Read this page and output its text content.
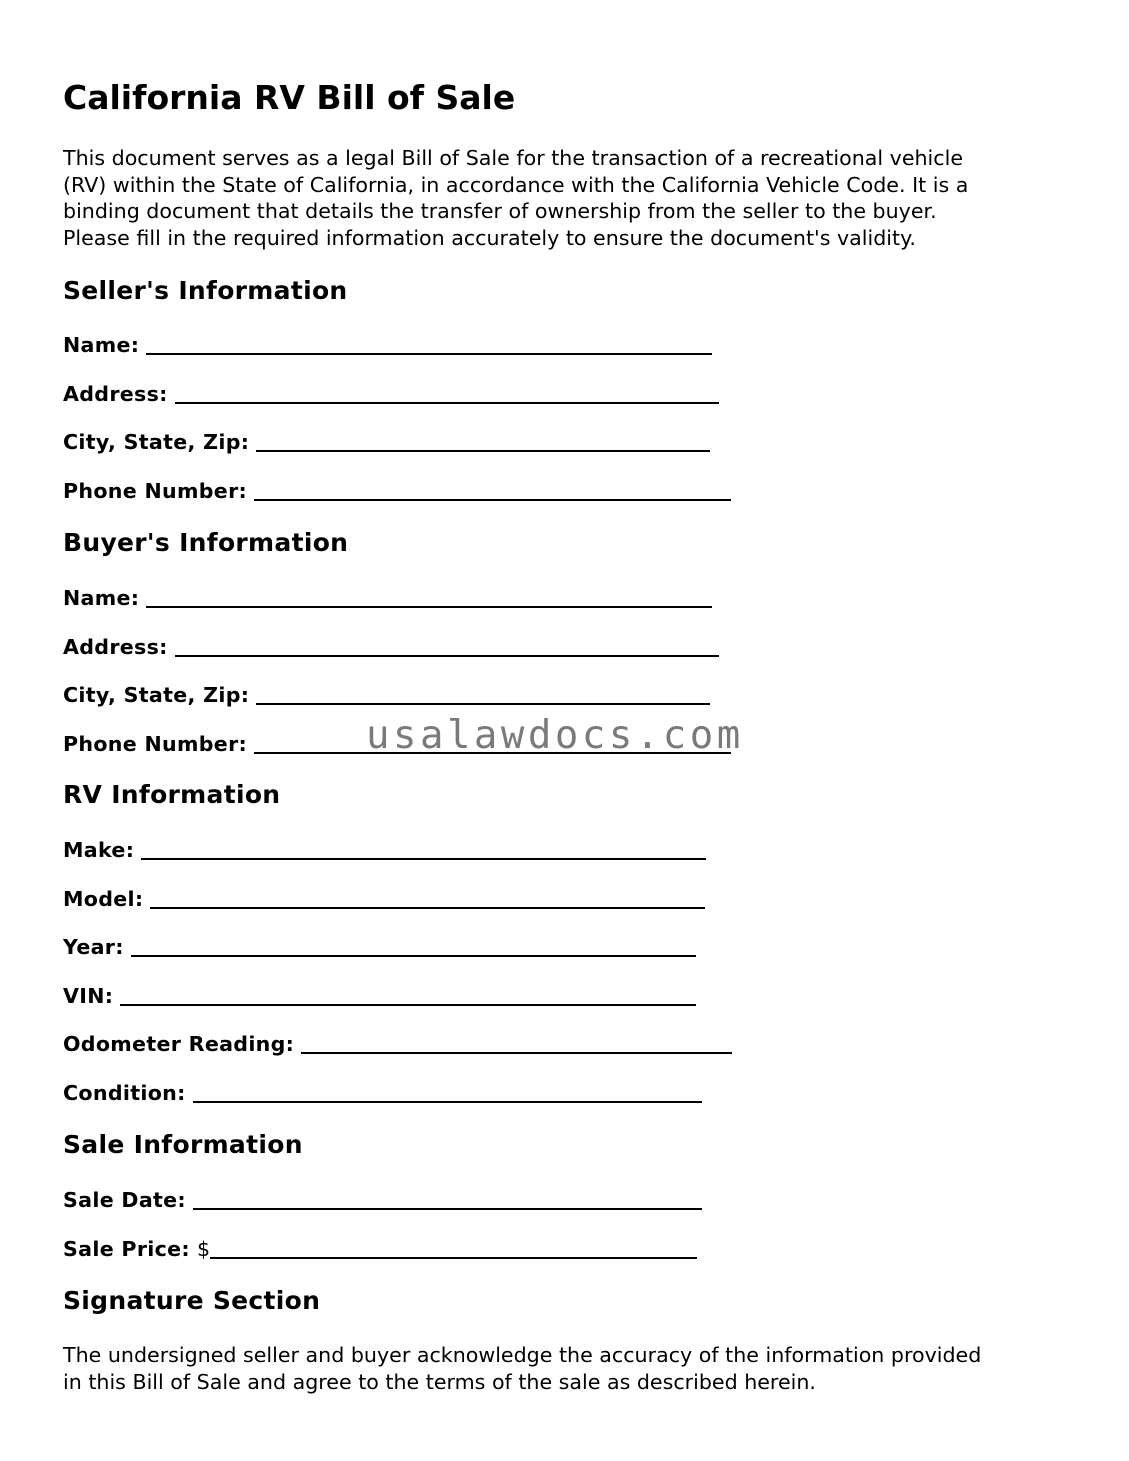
California RV Bill of Sale

This document serves as a legal Bill of Sale for the transaction of a recreational vehicle
(RV) within the State of California, in accordance with the California Vehicle Code. It is a
binding document that details the transfer of ownership from the seller to the buyer.
Please fill in the required information accurately to ensure the document's validity.

Seller's Information
Name:
Address:
City, State, Zip:
Phone Number:
Buyer's Information
Name:
Address:
City, State, Zip:
Phone Number:
RV Information
Make:
Model:
Year:
VIN:
Odometer Reading:
Condition:
Sale Information
Sale Date:
Sale Price: $
Signature Section

The undersigned seller and buyer acknowledge the accuracy of the information provided
in this Bill of Sale and agree to the terms of the sale as described herein.

usalawdocs.com
